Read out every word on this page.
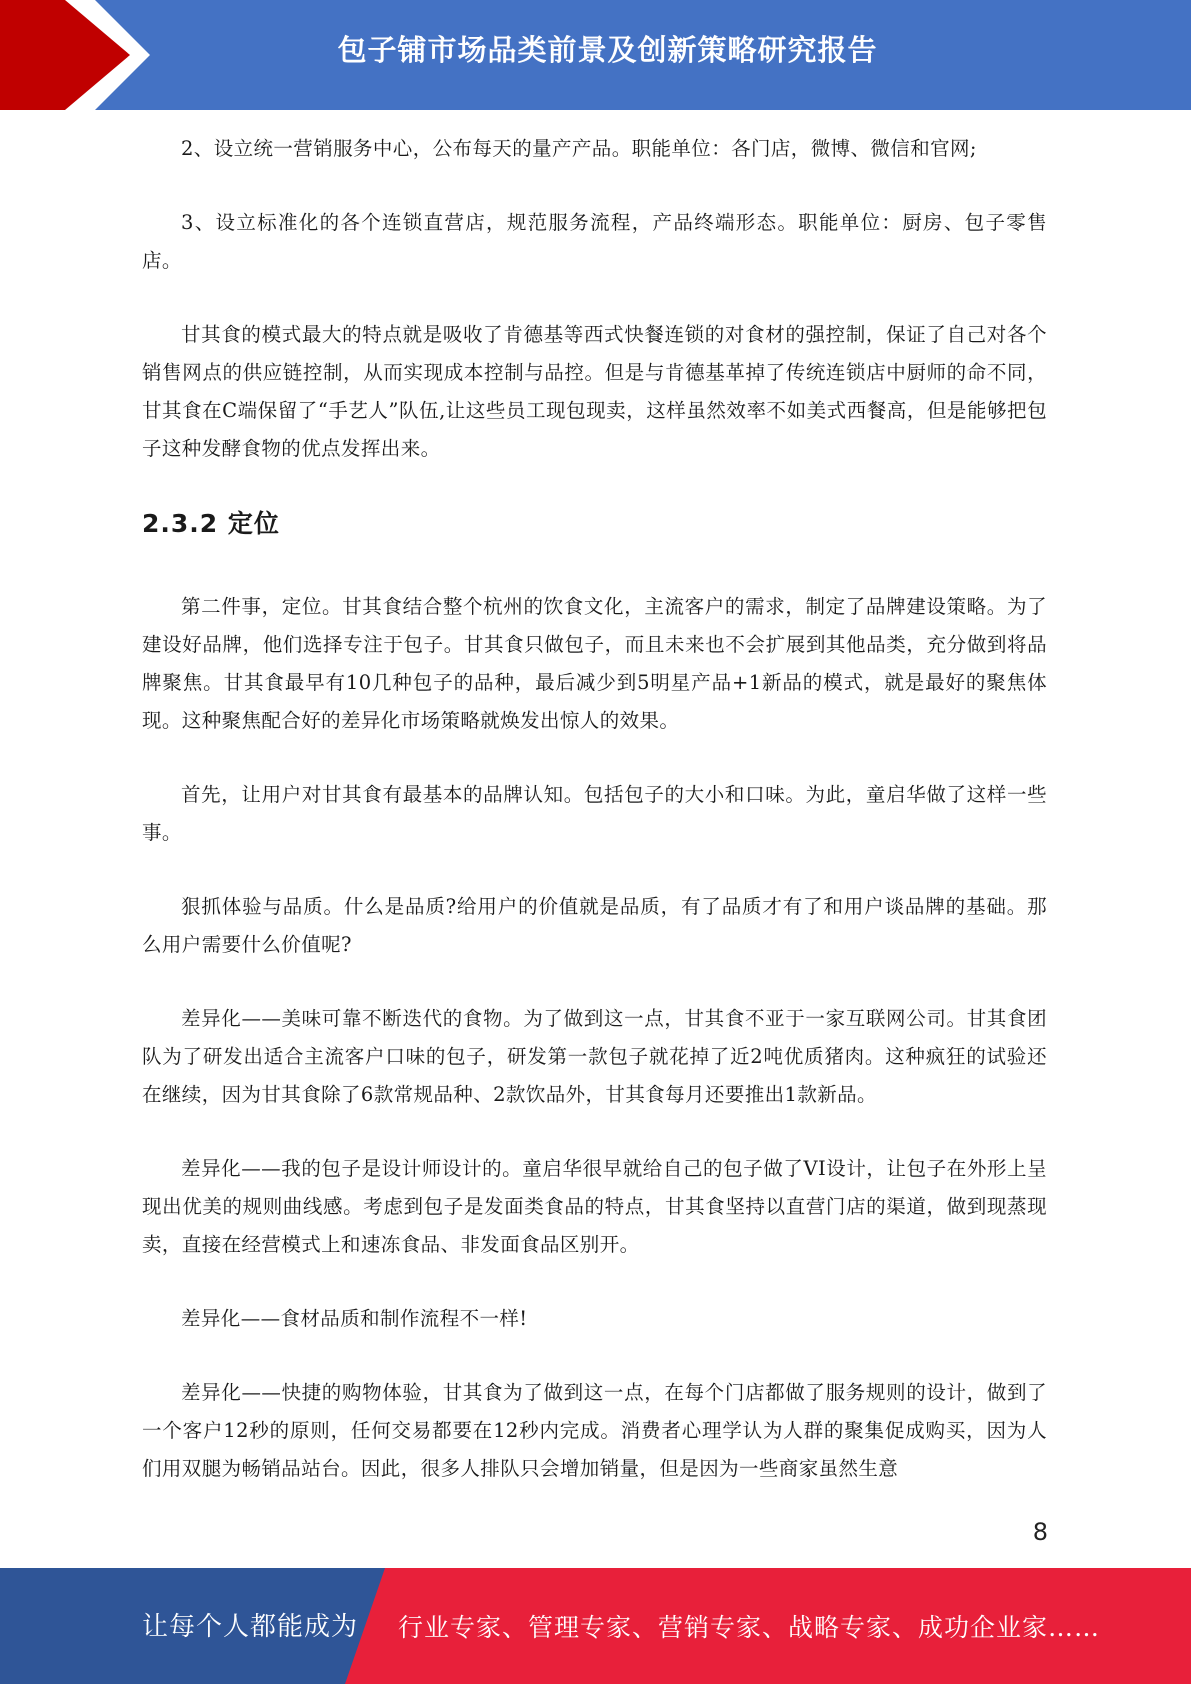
包子铺市场品类前景及创新策略研究报告

2、设立统一营销服务中心，公布每天的量产产品。职能单位：各门店，微博、微信和官网;

3、设立标准化的各个连锁直营店，规范服务流程，产品终端形态。职能单位：厨房、包子零售店。

甘其食的模式最大的特点就是吸收了肯德基等西式快餐连锁的对食材的强控制，保证了自己对各个销售网点的供应链控制，从而实现成本控制与品控。但是与肯德基革掉了传统连锁店中厨师的命不同，甘其食在C端保留了“手艺人”队伍,让这些员工现包现卖，这样虽然效率不如美式西餐高，但是能够把包子这种发酵食物的优点发挥出来。

2.3.2 定位

第二件事，定位。甘其食结合整个杭州的饮食文化，主流客户的需求，制定了品牌建设策略。为了建设好品牌，他们选择专注于包子。甘其食只做包子，而且未来也不会扩展到其他品类，充分做到将品牌聚焦。甘其食最早有10几种包子的品种，最后减少到5明星产品+1新品的模式，就是最好的聚焦体现。这种聚焦配合好的差异化市场策略就焕发出惊人的效果。

首先，让用户对甘其食有最基本的品牌认知。包括包子的大小和口味。为此，童启华做了这样一些事。

狠抓体验与品质。什么是品质?给用户的价值就是品质，有了品质才有了和用户谈品牌的基础。那么用户需要什么价值呢?

差异化——美味可靠不断迭代的食物。为了做到这一点，甘其食不亚于一家互联网公司。甘其食团队为了研发出适合主流客户口味的包子，研发第一款包子就花掉了近2吨优质猪肉。这种疯狂的试验还在继续，因为甘其食除了6款常规品种、2款饮品外，甘其食每月还要推出1款新品。

差异化——我的包子是设计师设计的。童启华很早就给自己的包子做了VI设计，让包子在外形上呈现出优美的规则曲线感。考虑到包子是发面类食品的特点，甘其食坚持以直营门店的渠道，做到现蒸现卖，直接在经营模式上和速冻食品、非发面食品区别开。

差异化——食材品质和制作流程不一样!

差异化——快捷的购物体验，甘其食为了做到这一点，在每个门店都做了服务规则的设计，做到了一个客户12秒的原则，任何交易都要在12秒内完成。消费者心理学认为人群的聚集促成购买，因为人们用双腿为畅销品站台。因此，很多人排队只会增加销量，但是因为一些商家虽然生意

8
让每个人都能成为 行业专家、管理专家、营销专家、战略专家、成功企业家……
